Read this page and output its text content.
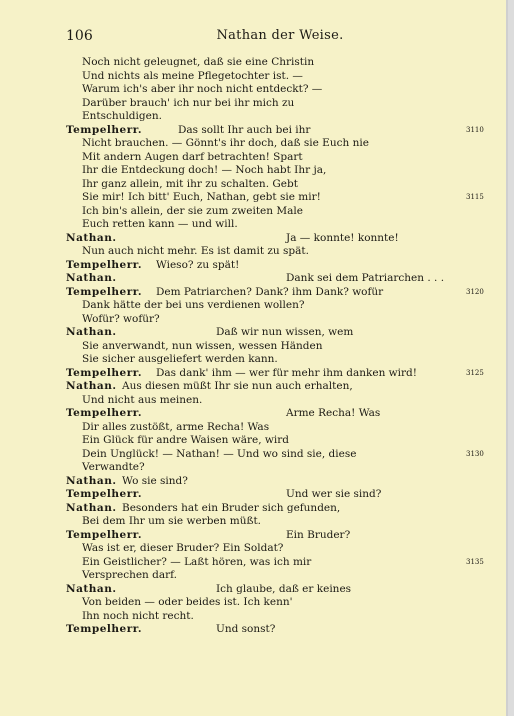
106	Nathan der Weise.
Noch nicht geleugnet, daß sie eine Christin
Und nichts als meine Pflegetochter ist. —
Warum ich's aber ihr noch nicht entdeckt? —
Darüber brauch' ich nur bei ihr mich zu
Entschuldigen.
Tempelherr.	Das sollt Ihr auch bei ihr	3110
Nicht brauchen. — Gönnt's ihr doch, daß sie Euch nie
Mit andern Augen darf betrachten! Spart
Ihr die Entdeckung doch! — Noch habt Ihr ja,
Ihr ganz allein, mit ihr zu schalten. Gebt
Sie mir! Ich bitt' Euch, Nathan, gebt sie mir!	3115
Ich bin's allein, der sie zum zweiten Male
Euch retten kann — und will.
Nathan.	Ja — konnte! konnte!
Nun auch nicht mehr. Es ist damit zu spät.
Tempelherr. Wieso? zu spät!
Nathan.	Dank sei dem Patriarchen . . .
Tempelherr. Dem Patriarchen? Dank? ihm Dank? wofür	3120
Dank hätte der bei uns verdienen wollen?
Wofür? wofür?
Nathan.	Daß wir nun wissen, wem
Sie anverwandt, nun wissen, wessen Händen
Sie sicher ausgeliefert werden kann.
Tempelherr. Das dank' ihm — wer für mehr ihm danken wird!	3125
Nathan. Aus diesen müßt Ihr sie nun auch erhalten,
Und nicht aus meinen.
Tempelherr.	Arme Recha! Was
Dir alles zustößt, arme Recha! Was
Ein Glück für andre Waisen wäre, wird
Dein Unglück! — Nathan! — Und wo sind sie, diese	3130
Verwandte?
Nathan. Wo sie sind?
Tempelherr.	Und wer sie sind?
Nathan. Besonders hat ein Bruder sich gefunden,
Bei dem Ihr um sie werben müßt.
Tempelherr.	Ein Bruder?
Was ist er, dieser Bruder? Ein Soldat?
Ein Geistlicher? — Laßt hören, was ich mir	3135
Versprechen darf.
Nathan.	Ich glaube, daß er keines
Von beiden — oder beides ist. Ich kenn'
Ihn noch nicht recht.
Tempelherr.	Und sonst?
